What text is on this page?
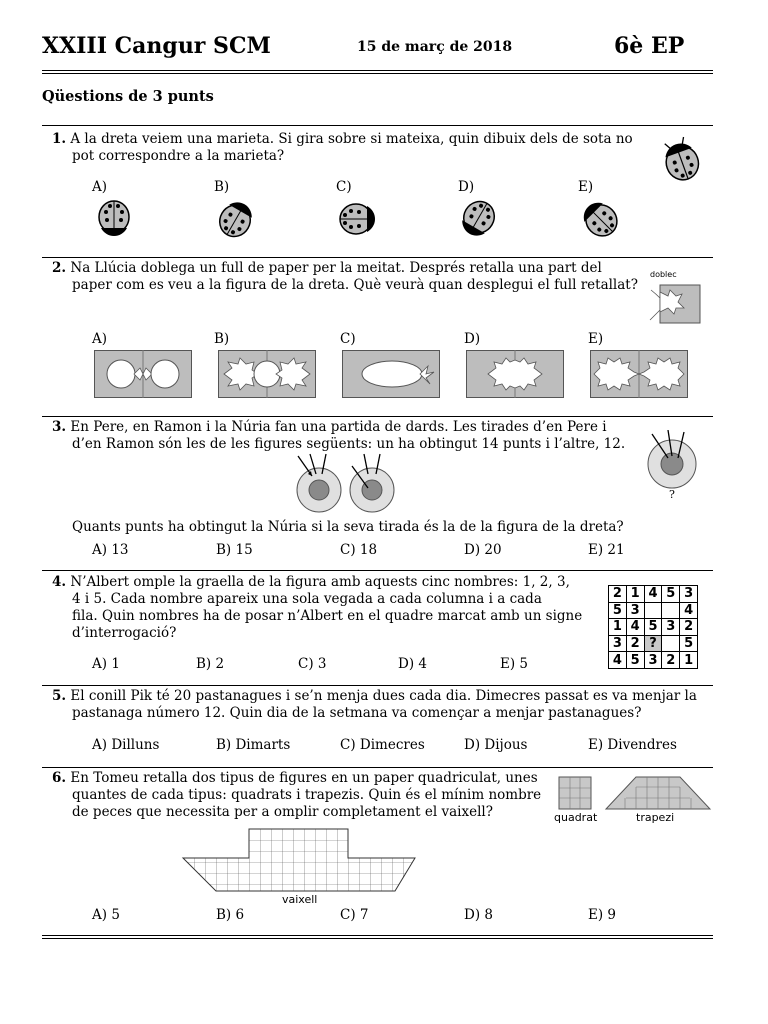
XXIII Cangur SCM	15 de març de 2018	6è EP
Qüestions de 3 punts
1. A la dreta veiem una marieta. Si gira sobre si mateixa, quin dibuix dels de sota no
pot correspondre a la marieta?
A)	B)	C)	D)	E)
2. Na Llúcia doblega un full de paper per la meitat. Després retalla una part del
paper com es veu a la figura de la dreta. Què veurà quan desplegui el full retallat?
doblec
A)	B)	C)	D)	E)
3. En Pere, en Ramon i la Núria fan una partida de dards. Les tirades d’en Pere i
d’en Ramon són les de les figures següents: un ha obtingut 14 punts i l’altre, 12.
?
Quants punts ha obtingut la Núria si la seva tirada és la de la figura de la dreta?
A) 13	B) 15	C) 18	D) 20	E) 21
4. N’Albert omple la graella de la figura amb aquests cinc nombres: 1, 2, 3,
4 i 5. Cada nombre apareix una sola vegada a cada columna i a cada
fila. Quin nombres ha de posar n’Albert en el quadre marcat amb un signe
d’interrogació?
2	1	4	5	3
5	3			4
1	4	5	3	2
3	2	?		5
4	5	3	2	1
A) 1	B) 2	C) 3	D) 4	E) 5
5. El conill Pik té 20 pastanagues i se’n menja dues cada dia. Dimecres passat es va menjar la
pastanaga número 12. Quin dia de la setmana va començar a menjar pastanagues?
A) Dilluns	B) Dimarts	C) Dimecres	D) Dijous	E) Divendres
6. En Tomeu retalla dos tipus de figures en un paper quadriculat, unes
quantes de cada tipus: quadrats i trapezis. Quin és el mínim nombre
de peces que necessita per a omplir completament el vaixell?	quadrat	trapezi
vaixell
A) 5	B) 6	C) 7	D) 8	E) 9
